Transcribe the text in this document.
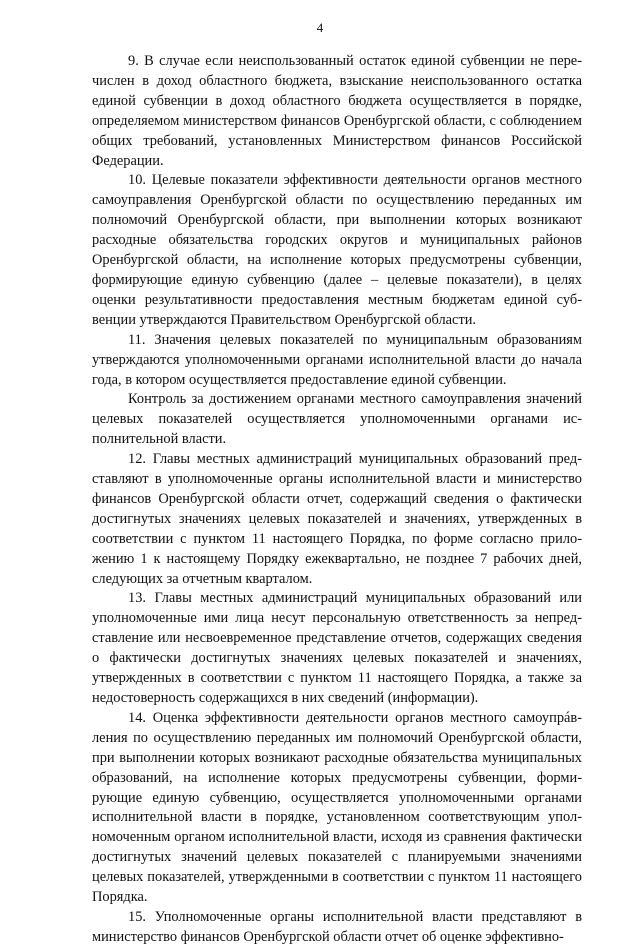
4

9. В случае если неиспользованный остаток единой субвенции не перечислен в доход областного бюджета, взыскание неиспользованного остатка единой субвенции в доход областного бюджета осуществляется в порядке, определяемом министерством финансов Оренбургской области, с соблюдением общих требований, установленных Министерством финансов Российской Федерации.

10. Целевые показатели эффективности деятельности органов местного самоуправления Оренбургской области по осуществлению переданных им полномочий Оренбургской области, при выполнении которых возникают расходные обязательства городских округов и муниципальных районов Оренбургской области, на исполнение которых предусмотрены субвенции, формирующие единую субвенцию (далее – целевые показатели), в целях оценки результативности предоставления местным бюджетам единой субвенции утверждаются Правительством Оренбургской области.

11. Значения целевых показателей по муниципальным образованиям утверждаются уполномоченными органами исполнительной власти до начала года, в котором осуществляется предоставление единой субвенции.

Контроль за достижением органами местного самоуправления значений целевых показателей осуществляется уполномоченными органами исполнительной власти.

12. Главы местных администраций муниципальных образований представляют в уполномоченные органы исполнительной власти и министерство финансов Оренбургской области отчет, содержащий сведения о фактически достигнутых значениях целевых показателей и значениях, утвержденных в соответствии с пунктом 11 настоящего Порядка, по форме согласно приложению 1 к настоящему Порядку ежеквартально, не позднее 7 рабочих дней, следующих за отчетным кварталом.

13. Главы местных администраций муниципальных образований или уполномоченные ими лица несут персональную ответственность за непредставление или несвоевременное представление отчетов, содержащих сведения о фактически достигнутых значениях целевых показателей и значениях, утвержденных в соответствии с пунктом 11 настоящего Порядка, а также за недостоверность содержащихся в них сведений (информации).

14. Оценка эффективности деятельности органов местного самоупрáвления по осуществлению переданных им полномочий Оренбургской области, при выполнении которых возникают расходные обязательства муниципальных образований, на исполнение которых предусмотрены субвенции, формирующие единую субвенцию, осуществляется уполномоченными органами исполнительной власти в порядке, установленном соответствующим уполномоченным органом исполнительной власти, исходя из сравнения фактически достигнутых значений целевых показателей с планируемыми значениями целевых показателей, утвержденными в соответствии с пунктом 11 настоящего Порядка.

15. Уполномоченные органы исполнительной власти представляют в министерство финансов Оренбургской области отчет об оценке эффективно-
